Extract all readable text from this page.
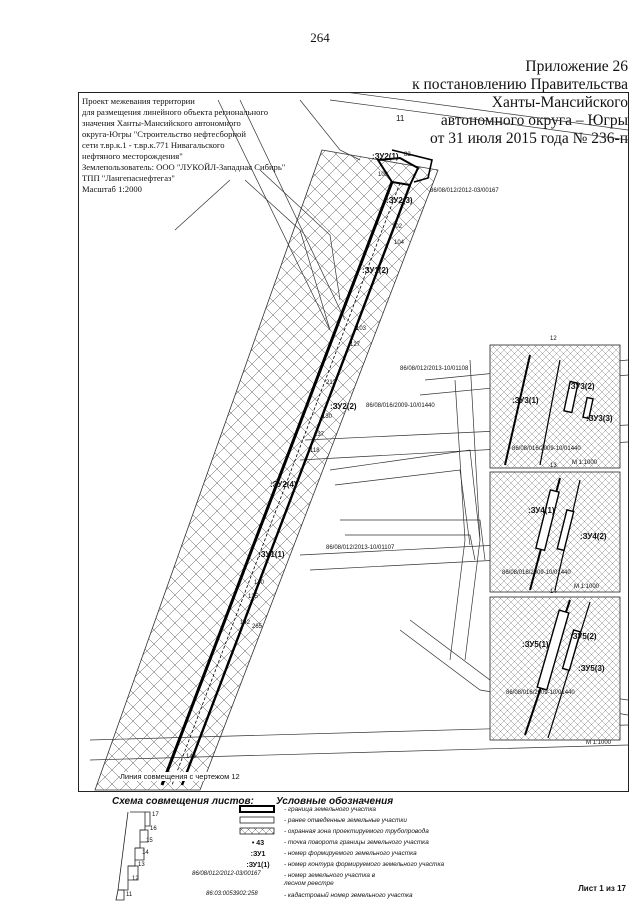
264
Приложение 26
к постановлению Правительства
Ханты-Мансийского
автономного округа – Югры
от 31 июля 2015 года № 236-п
Проект межевания территории
для размещения линейного объекта регионального
значения Ханты-Мансийского автономного
округа-Югры "Строительство нефтесборной
сети т.вр.к.1 - т.вр.к.771 Нивагальского
нефтяного месторождения"
Землепользователь: ООО "ЛУКОЙЛ-Западная Сибирь"
ТПП "Лангепаснефтегаз"
Масштаб 1:2000
:ЗУ2(1)
:ЗУ2(3)
:ЗУ1(2)
:ЗУ2(2)
:ЗУ2(4)
:ЗУ1(1)
86/08/012/2012-03/00167
86/08/012/2013-10/01108
86/08/016/2009-10/01440
86/08/012/2013-10/01107
82
109
102
104
103
127
213
130
137
118
140
135
142
265
144
11
Линия совмещения с чертежом 12
12
:ЗУ3(1)
:ЗУ3(2)
:ЗУ3(3)
86/08/016/2009-10/01440
М 1:1000
13
:ЗУ4(1)
:ЗУ4(2)
86/08/016/2009-10/01440
М 1:1000
14
:ЗУ5(1)
:ЗУ5(2)
:ЗУ5(3)
86/08/016/2009-10/01440
М 1:1000
Схема совмещения листов:
17
16
15
14
13
12
11
Условные обозначения
- граница земельного участка
- ранее отведенные земельные участки
- охранная зона проектируемого трубопровода
• 43	- точка поворота границы земельного участка
:ЗУ1	- номер формируемого земельного участка
:ЗУ1(1)	- номер контура формируемого земельного участка
86/08/012/2012-03/00167	- номер земельного участка в лесном реестре
86:03:0053902:258	- кадастровый номер земельного участка
Лист 1 из 17
